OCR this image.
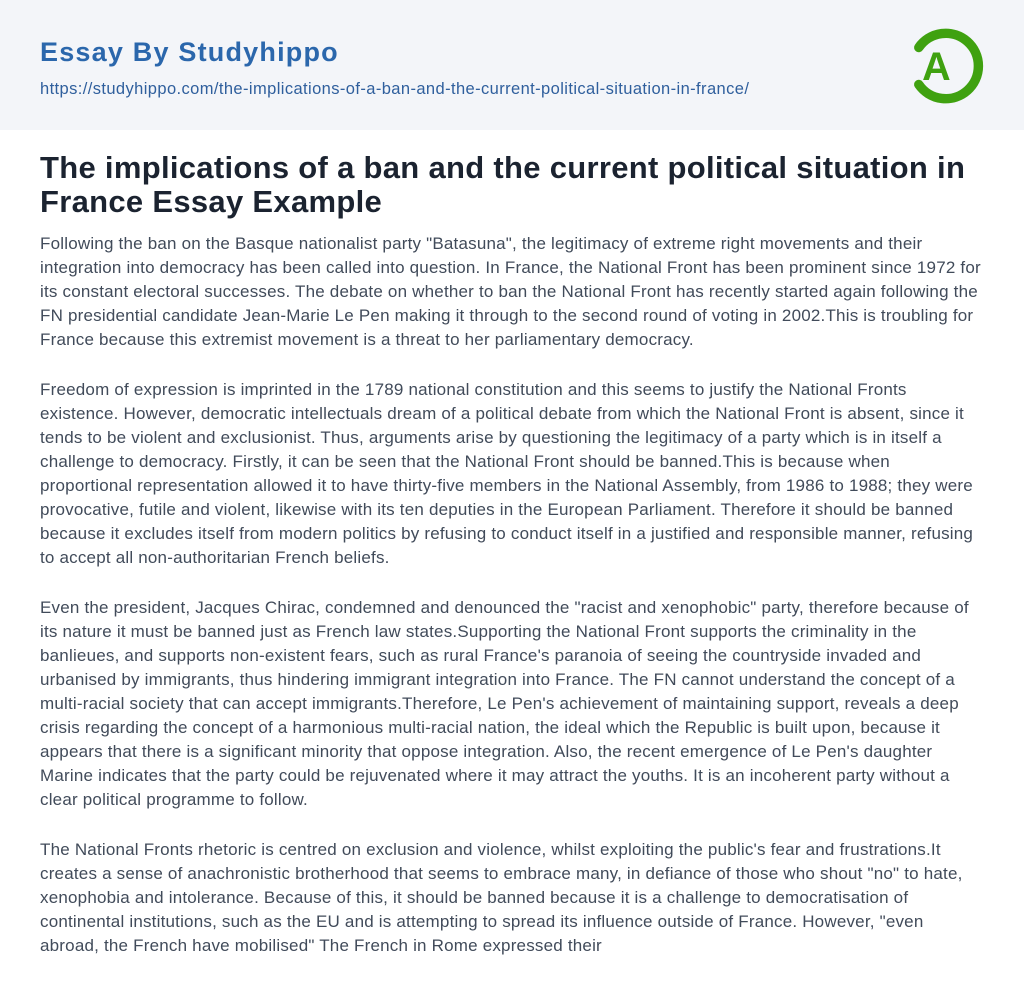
Essay By Studyhippo
https://studyhippo.com/the-implications-of-a-ban-and-the-current-political-situation-in-france/
A
The implications of a ban and the current political situation in France Essay Example

Following the ban on the Basque nationalist party "Batasuna", the legitimacy of extreme right movements and their integration into democracy has been called into question. In France, the National Front has been prominent since 1972 for its constant electoral successes. The debate on whether to ban the National Front has recently started again following the FN presidential candidate Jean-Marie Le Pen making it through to the second round of voting in 2002.This is troubling for France because this extremist movement is a threat to her parliamentary democracy.

Freedom of expression is imprinted in the 1789 national constitution and this seems to justify the National Fronts existence. However, democratic intellectuals dream of a political debate from which the National Front is absent, since it tends to be violent and exclusionist. Thus, arguments arise by questioning the legitimacy of a party which is in itself a challenge to democracy. Firstly, it can be seen that the National Front should be banned.This is because when proportional representation allowed it to have thirty-five members in the National Assembly, from 1986 to 1988; they were provocative, futile and violent, likewise with its ten deputies in the European Parliament. Therefore it should be banned because it excludes itself from modern politics by refusing to conduct itself in a justified and responsible manner, refusing to accept all non-authoritarian French beliefs.

Even the president, Jacques Chirac, condemned and denounced the "racist and xenophobic" party, therefore because of its nature it must be banned just as French law states.Supporting the National Front supports the criminality in the banlieues, and supports non-existent fears, such as rural France's paranoia of seeing the countryside invaded and urbanised by immigrants, thus hindering immigrant integration into France. The FN cannot understand the concept of a multi-racial society that can accept immigrants.Therefore, Le Pen's achievement of maintaining support, reveals a deep crisis regarding the concept of a harmonious multi-racial nation, the ideal which the Republic is built upon, because it appears that there is a significant minority that oppose integration. Also, the recent emergence of Le Pen's daughter Marine indicates that the party could be rejuvenated where it may attract the youths. It is an incoherent party without a clear political programme to follow.

The National Fronts rhetoric is centred on exclusion and violence, whilst exploiting the public's fear and frustrations.It creates a sense of anachronistic brotherhood that seems to embrace many, in defiance of those who shout "no" to hate, xenophobia and intolerance. Because of this, it should be banned because it is a challenge to democratisation of continental institutions, such as the EU and is attempting to spread its influence outside of France. However, "even abroad, the French have mobilised" The French in Rome expressed their
